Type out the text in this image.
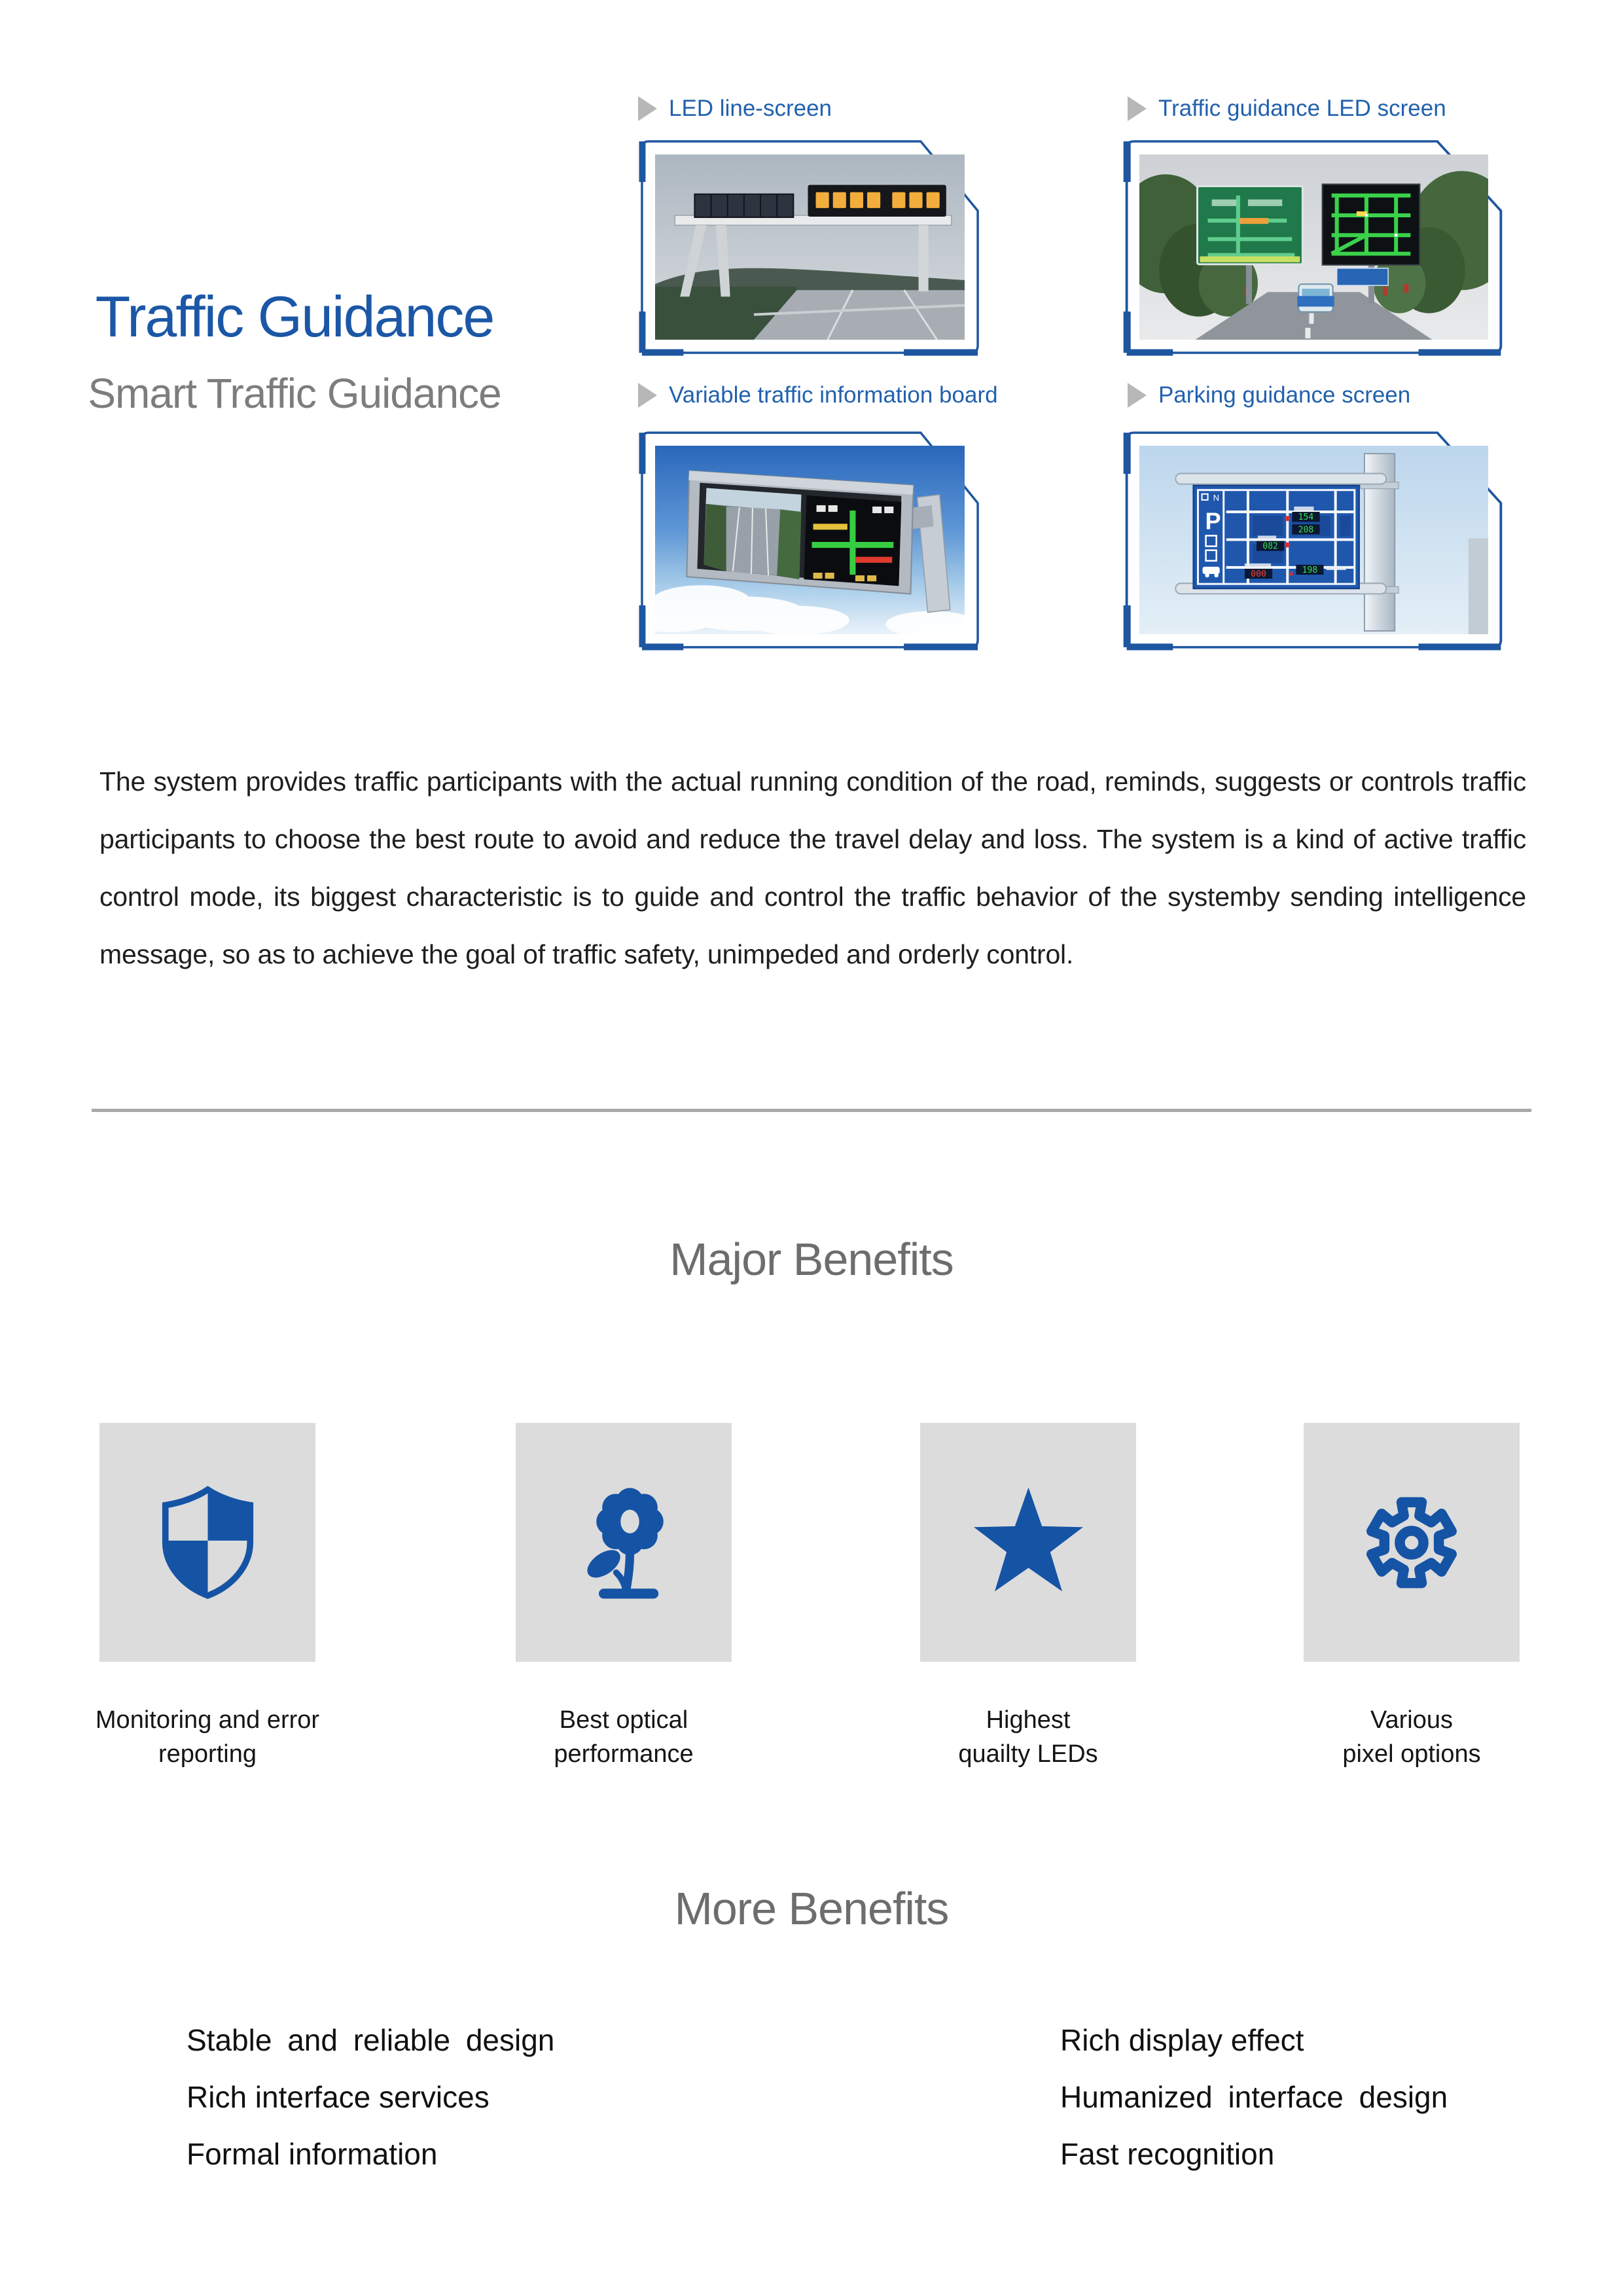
Traffic Guidance
Smart Traffic Guidance
LED line-screen	Traffic guidance LED screen
Variable traffic information board	Parking guidance screen
N
P	154
208
082
000	198
The system provides traffic participants with the actual running condition of the road, reminds, suggests or controls traffic participants to choose the best route to avoid and reduce the travel delay and loss. The system is a kind of active traffic control mode, its biggest characteristic is to guide and control the traffic behavior of the systemby sending intelligence message, so as to achieve the goal of traffic safety, unimpeded and orderly control.
Major Benefits
Monitoring and error
reporting
Best optical
performance
Highest
quailty LEDs
Various
pixel options
More Benefits
Stable and reliable design
Rich interface services
Formal information
Rich display effect
Humanized interface design
Fast recognition
